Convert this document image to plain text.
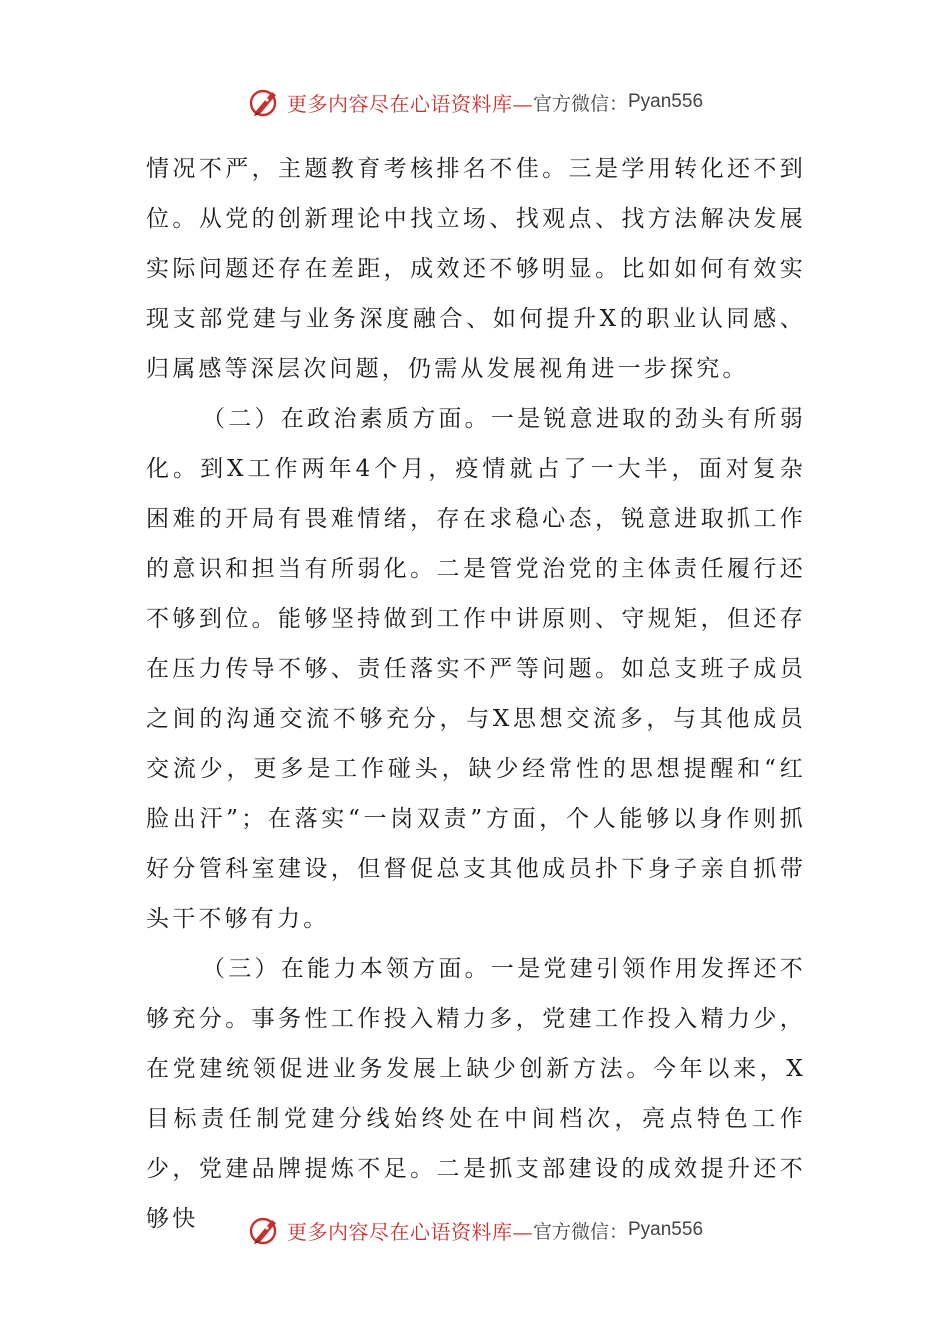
更多内容尽在心语资料库— 官方微信： Pyan556

情况不严，主题教育考核排名不佳。三是学用转化还不到位。从党的创新理论中找立场、找观点、找方法解决发展实际问题还存在差距，成效还不够明显。比如如何有效实现支部党建与业务深度融合、如何提升X的职业认同感、归属感等深层次问题，仍需从发展视角进一步探究。

（二）在政治素质方面。一是锐意进取的劲头有所弱化。到X工作两年4个月，疫情就占了一大半，面对复杂困难的开局有畏难情绪，存在求稳心态，锐意进取抓工作的意识和担当有所弱化。二是管党治党的主体责任履行还不够到位。能够坚持做到工作中讲原则、守规矩，但还存在压力传导不够、责任落实不严等问题。如总支班子成员之间的沟通交流不够充分，与X思想交流多，与其他成员交流少，更多是工作碰头，缺少经常性的思想提醒和“红脸出汗”；在落实“一岗双责”方面，个人能够以身作则抓好分管科室建设，但督促总支其他成员扑下身子亲自抓带头干不够有力。

（三）在能力本领方面。一是党建引领作用发挥还不够充分。事务性工作投入精力多，党建工作投入精力少，在党建统领促进业务发展上缺少创新方法。今年以来，X目标责任制党建分线始终处在中间档次，亮点特色工作少，党建品牌提炼不足。二是抓支部建设的成效提升还不够快	更多内容尽在心语资料库— 官方微信： Pyan556
